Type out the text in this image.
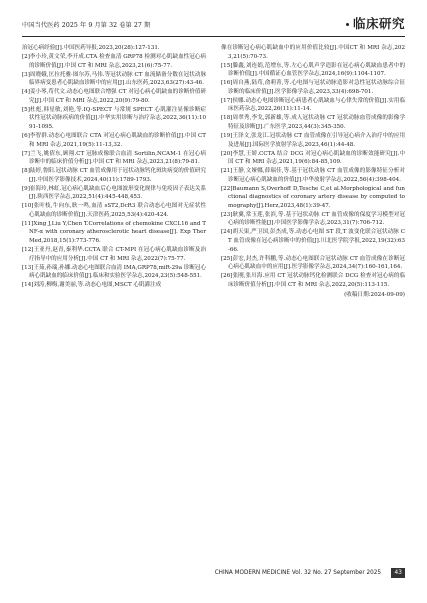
中国当代医药 2025 年 9 月第 32 卷第 27 期	临床研究

治冠心病经验[J].中国医药导报,2023,20(28):127-131.

[2]李小玲,黄文荣,李开成.CTA 检查血清 GRP78 检测对心肌缺血性冠心病的诊断价值[J].中国 CT 和 MRI 杂志,2023,21(6):75-77.

[3]周晓娥,匡拉托雅·图尔苏,马伟.等冠状动脉 CT 血流储备分数在冠状动脉临界病变患者心肌缺血诊断中的应用[J].山东医药,2023,63(27):43-46.

[4]姜小琴,苟代文.动态心电图联合增强 CT 对冠心病心肌缺血的诊断价值研究[J].中国 CT 和 MRI 杂志,2022,20(9):79-80.

[5]杜彪,韩星敏,刘艳,等.IQ-SPECT 与常规 SPECT 心肌灌注显像诊断症状性冠状动脉疾病的价值[J].中华实用诊断与治疗杂志,2022,36(11):1091-1095.

[6]李智群.动态心电图联合 CTA 对冠心病心肌缺血的诊断价值[J].中国 CT 和 MRI 杂志,2021,19(5):11-13,32.

[7]兰飞,姚倩东,顾翔.CT 冠脉成像联合血清 Sortilin,NCAM-1 在冠心病诊断中的临床价值分析[J].中国 CT 和 MRI 杂志,2023,21(8):79-81.

[8]陆婷,鲁阳.冠状动脉 CT 血管成像用于冠状动脉钙化斑块病变的价值研究[J].中国医学影像技术,2024,40(11):1789-1793.

[9]崔海玲,林虹.冠心病心肌缺血后心电图波形变化规律与免疫因子表达关系[J].陕西医学杂志,2022,51(4):445-448,453.

[10]张叶枝,牛向东,耿一鸣,血清 sST2,DcR3 联合动态心电图对无症状性心肌缺血的诊断价值[J].天津医药,2025,53(4):420-424.

[11]Xing J,Liu Y,Chen T.Correlations of chemokine CXCL16 and TNF-α with coronary atherosclerotic heart disease[J]. Exp Ther Med,2018,15(1):773-776.

[12]王亚丹,赵青,秦利华.CCTA 联合 CT-MPI 在冠心病心肌缺血诊断及治疗指导中的应用分析[J].中国 CT 和 MRI 杂志,2022(7):75-77.

[13]王茹,孙瑞,孙娜.动态心电图联合血清 IMA,GRP78,miR-29a 诊断冠心病心肌缺血的临床价值[J].临床和实验医学杂志,2024,23(5):548-551.

[14]刘涛,柳梅,谢美丽,等.动态心电图,MSCT 心肌灌注成

像在诊断冠心病心肌缺血中的应用价值比较[J].中国CT 和 MRI 杂志,2023,21(5):70-73.

[15]滕鑫,刘连娟,范增东,等.左心心肌声学造影在冠心病心肌缺血患者中的诊断价值[J].中国循证心血管医学杂志,2024,16(9):1104-1107.

[16]周自燕,陆苟,俞莉菁,等.心电图与冠状动脉造影对急性冠状动脉综合征诊断的临床价值[J].医学影像学杂志,2023,33(4):698-701.

[17]侯娜.动态心电图诊断冠心病患者心肌缺血与心律失常的价值[J].实用临床医药杂志,2022,26(11):11-14.

[18]周翠秀,李戈,郭新雄,等.成人冠状动脉 CT 冠状动脉血管成像的影像学特征及诊断[J].广东医学,2023,44(3):345-350.

[19]王泽文,张龙江.冠状动脉 CT 血管成像在引导冠心病介入治疗中的应用及进展[J].国际医学放射学杂志,2023,46(1):44-48.

[20]李慧,王娇.CCTA 结合 DCG 对冠心病心肌缺血的诊断效能研究[J].中国 CT 和 MRI 杂志,2021,19(6):84-85,109.

[21]王静,文娅娜,薛瑞佳,等.基于冠状动脉 CT 血管成像的影像特征分析对诊断冠心病心肌缺血的价值[J].中华放射学杂志,2022,56(4):398-404.

[22]Baumann S,Overhoff D,Tesche C,et al.Morphological and functional diagnostics of coronary artery disease by computed tomography[J].Herz,2023,48(1):39-47.

[23]耿翼,常玉莲,张滨,等.基于冠状动脉 CT 血管成像的保度学习模型对冠心病的诊断性能[J].中国医学影像学杂志,2023,31(7):706-712.

[24]胡天果,严卫国,彭杰成,等.动态心电图 ST 段,T 波变化联合冠状动脉 CT 血管成像在冠心病诊断中的价值[J].川北医学院学报,2022,19(32):63-66.

[25]彭宏,封杰,许科鹏,等.动态心电图联合冠状动脉 CT 血管成像在诊断冠心病心肌缺血中的应用[J].医学影像学杂志,2024,34(7):160-161,164.

[26]张刚,张川海.应用 CT 冠状动脉钙化检测联合 DCG 检查对冠心病的临床诊断价值分析[J].中国 CT 和 MRI 杂志,2022,20(5):113-115.

(收稿日期:2024-09-09)
CHINA MODERN MEDICINE Vol. 32 No. 27 September 2025	43
